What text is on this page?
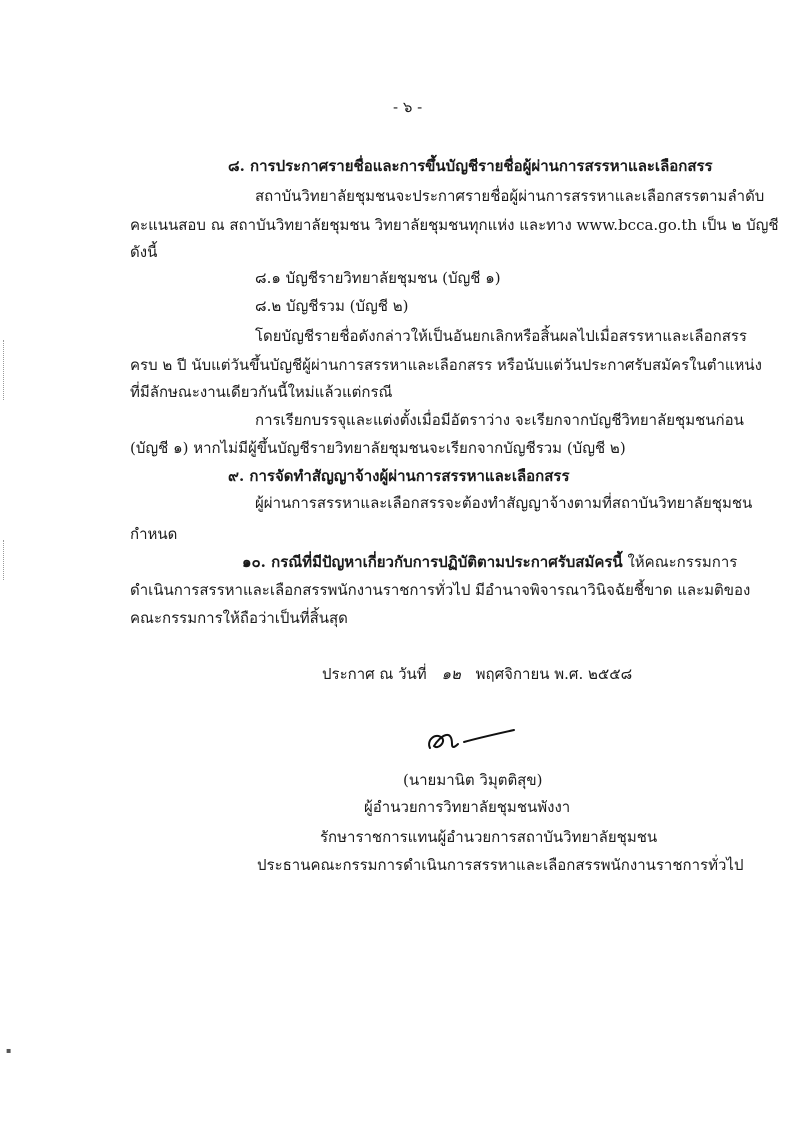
- ๖ -
๘. การประกาศรายชื่อและการขึ้นบัญชีรายชื่อผู้ผ่านการสรรหาและเลือกสรร
สถาบันวิทยาลัยชุมชนจะประกาศรายชื่อผู้ผ่านการสรรหาและเลือกสรรตามลำดับ
คะแนนสอบ ณ สถาบันวิทยาลัยชุมชน วิทยาลัยชุมชนทุกแห่ง และทาง www.bcca.go.th เป็น ๒ บัญชี
ดังนี้
๘.๑ บัญชีรายวิทยาลัยชุมชน (บัญชี ๑)
๘.๒ บัญชีรวม (บัญชี ๒)
โดยบัญชีรายชื่อดังกล่าวให้เป็นอันยกเลิกหรือสิ้นผลไปเมื่อสรรหาและเลือกสรร
ครบ ๒ ปี นับแต่วันขึ้นบัญชีผู้ผ่านการสรรหาและเลือกสรร หรือนับแต่วันประกาศรับสมัครในตำแหน่ง
ที่มีลักษณะงานเดียวกันนี้ใหม่แล้วแต่กรณี
การเรียกบรรจุและแต่งตั้งเมื่อมีอัตราว่าง จะเรียกจากบัญชีวิทยาลัยชุมชนก่อน
(บัญชี ๑) หากไม่มีผู้ขึ้นบัญชีรายวิทยาลัยชุมชนจะเรียกจากบัญชีรวม (บัญชี ๒)
๙. การจัดทำสัญญาจ้างผู้ผ่านการสรรหาและเลือกสรร
ผู้ผ่านการสรรหาและเลือกสรรจะต้องทำสัญญาจ้างตามที่สถาบันวิทยาลัยชุมชน
กำหนด
๑๐. กรณีที่มีปัญหาเกี่ยวกับการปฏิบัติตามประกาศรับสมัครนี้ ให้คณะกรรมการ
ดำเนินการสรรหาและเลือกสรรพนักงานราชการทั่วไป มีอำนาจพิจารณาวินิจฉัยชี้ขาด และมติของ
คณะกรรมการให้ถือว่าเป็นที่สิ้นสุด
ประกาศ ณ วันที่ ๑๒ พฤศจิกายน พ.ศ. ๒๕๕๘
(นายมานิต วิมุตติสุข)
ผู้อำนวยการวิทยาลัยชุมชนพังงา
รักษาราชการแทนผู้อำนวยการสถาบันวิทยาลัยชุมชน
ประธานคณะกรรมการดำเนินการสรรหาและเลือกสรรพนักงานราชการทั่วไป
▪
